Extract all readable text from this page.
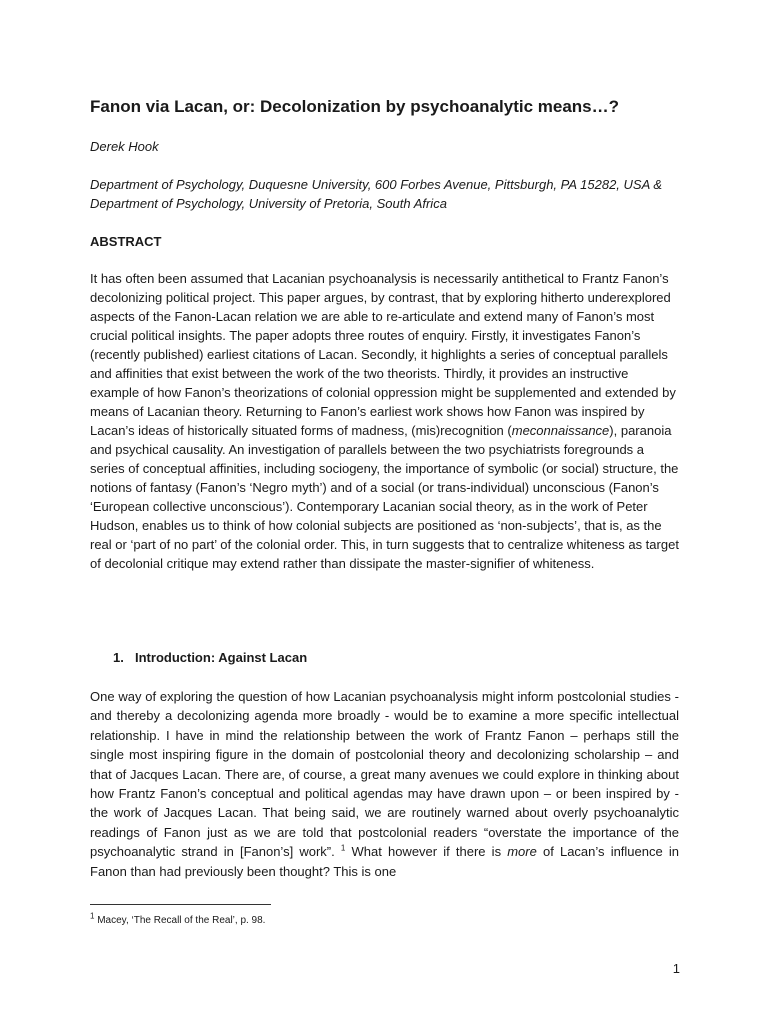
Fanon via Lacan, or: Decolonization by psychoanalytic means…?
Derek Hook
Department of Psychology, Duquesne University, 600 Forbes Avenue, Pittsburgh, PA 15282, USA & Department of Psychology, University of Pretoria, South Africa
ABSTRACT

It has often been assumed that Lacanian psychoanalysis is necessarily antithetical to Frantz Fanon’s decolonizing political project. This paper argues, by contrast, that by exploring hitherto underexplored aspects of the Fanon-Lacan relation we are able to re-articulate and extend many of Fanon’s most crucial political insights. The paper adopts three routes of enquiry. Firstly, it investigates Fanon’s (recently published) earliest citations of Lacan. Secondly, it highlights a series of conceptual parallels and affinities that exist between the work of the two theorists. Thirdly, it provides an instructive example of how Fanon’s theorizations of colonial oppression might be supplemented and extended by means of Lacanian theory. Returning to Fanon’s earliest work shows how Fanon was inspired by Lacan’s ideas of historically situated forms of madness, (mis)recognition (meconnaissance), paranoia and psychical causality. An investigation of parallels between the two psychiatrists foregrounds a series of conceptual affinities, including sociogeny, the importance of symbolic (or social) structure, the notions of fantasy (Fanon’s ‘Negro myth’) and of a social (or trans-individual) unconscious (Fanon’s ‘European collective unconscious’). Contemporary Lacanian social theory, as in the work of Peter Hudson, enables us to think of how colonial subjects are positioned as ‘non-subjects’, that is, as the real or ‘part of no part’ of the colonial order. This, in turn suggests that to centralize whiteness as target of decolonial critique may extend rather than dissipate the master-signifier of whiteness.

1. Introduction: Against Lacan

One way of exploring the question of how Lacanian psychoanalysis might inform postcolonial studies - and thereby a decolonizing agenda more broadly - would be to examine a more specific intellectual relationship. I have in mind the relationship between the work of Frantz Fanon – perhaps still the single most inspiring figure in the domain of postcolonial theory and decolonizing scholarship – and that of Jacques Lacan. There are, of course, a great many avenues we could explore in thinking about how Frantz Fanon’s conceptual and political agendas may have drawn upon – or been inspired by - the work of Jacques Lacan. That being said, we are routinely warned about overly psychoanalytic readings of Fanon just as we are told that postcolonial readers “overstate the importance of the psychoanalytic strand in [Fanon’s] work”. $^1$ What however if there is more of Lacan’s influence in Fanon than had previously been thought? This is one

$^1$ Macey, ‘The Recall of the Real’, p. 98.
1
